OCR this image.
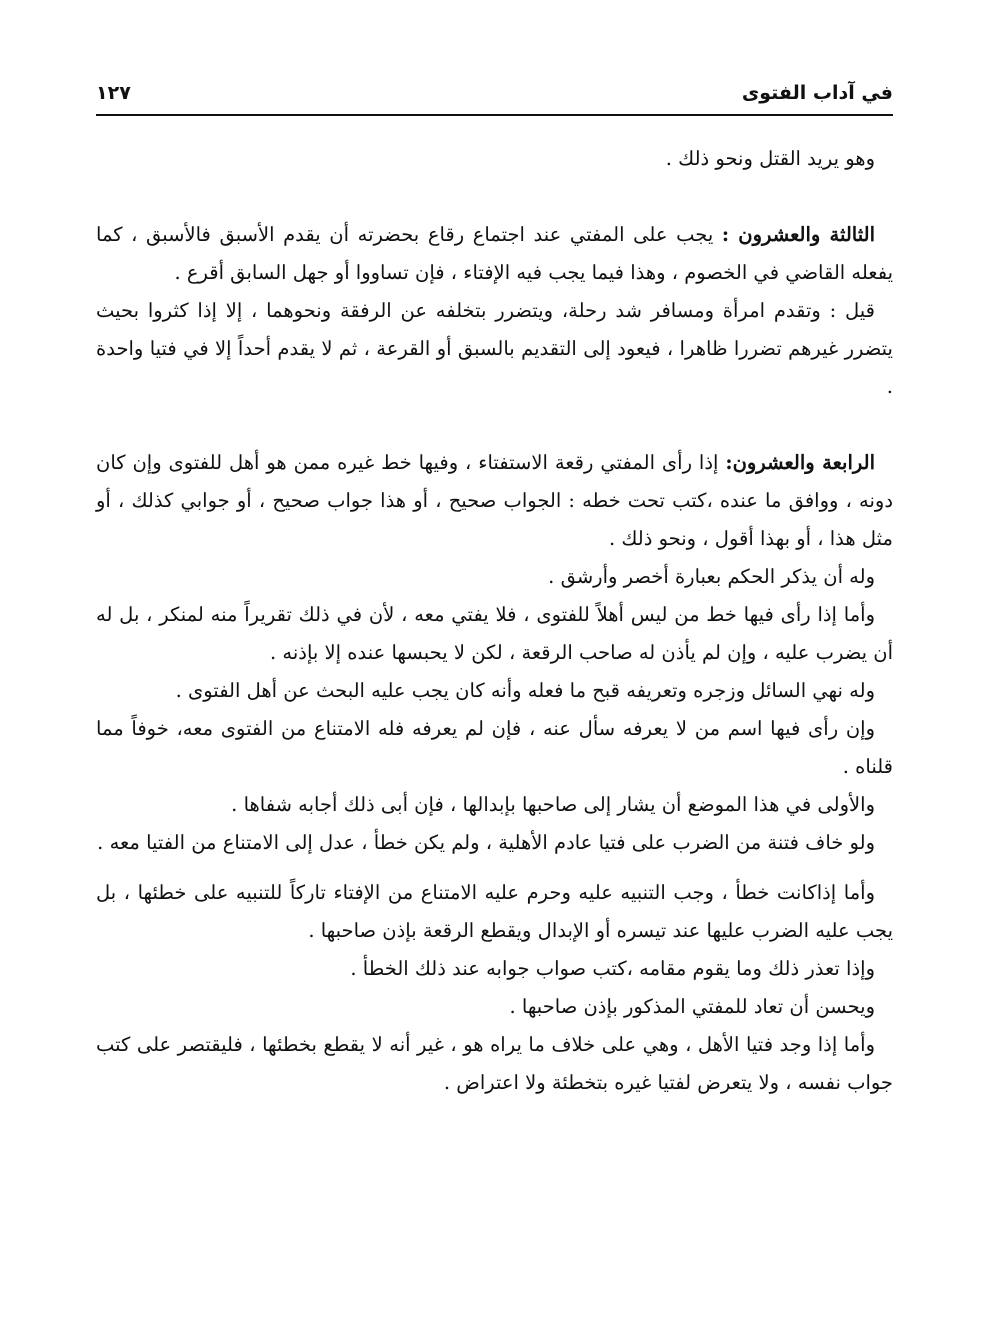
في آداب الفتوى
١٢٧

وهو يريد القتل ونحو ذلك .

الثالثة والعشرون : يجب على المفتي عند اجتماع رقاع بحضرته أن يقدم الأسبق فالأسبق ، كما يفعله القاضي في الخصوم ، وهذا فيما يجب فيه الإفتاء ، فإن تساووا أو جهل السابق أقرع .

قيل : وتقدم امرأة ومسافر شد رحلة، ويتضرر بتخلفه عن الرفقة ونحوهما ، إلا إذا كثروا بحيث يتضرر غيرهم تضررا ظاهرا ، فيعود إلى التقديم بالسبق أو القرعة ، ثم لا يقدم أحداً إلا في فتيا واحدة .

الرابعة والعشرون: إذا رأى المفتي رقعة الاستفتاء ، وفيها خط غيره ممن هو أهل للفتوى وإن كان دونه ، ووافق ما عنده ،كتب تحت خطه : الجواب صحيح ، أو هذا جواب صحيح ، أو جوابي كذلك ، أو مثل هذا ، أو بهذا أقول ، ونحو ذلك .

وله أن يذكر الحكم بعبارة أخصر وأرشق .

وأما إذا رأى فيها خط من ليس أهلاً للفتوى ، فلا يفتي معه ، لأن في ذلك تقريراً منه لمنكر ، بل له أن يضرب عليه ، وإن لم يأذن له صاحب الرقعة ، لكن لا يحبسها عنده إلا بإذنه .

وله نهي السائل وزجره وتعريفه قبح ما فعله وأنه كان يجب عليه البحث عن أهل الفتوى .

وإن رأى فيها اسم من لا يعرفه سأل عنه ، فإن لم يعرفه فله الامتناع من الفتوى معه، خوفاً مما قلناه .

والأولى في هذا الموضع أن يشار إلى صاحبها بإبدالها ، فإن أبى ذلك أجابه شفاها .

ولو خاف فتنة من الضرب على فتيا عادم الأهلية ، ولم يكن خطأ ، عدل إلى الامتناع من الفتيا معه .

وأما إذاكانت خطأ ، وجب التنبيه عليه وحرم عليه الامتناع من الإفتاء تاركاً للتنبيه على خطئها ، بل يجب عليه الضرب عليها عند تيسره أو الإبدال ويقطع الرقعة بإذن صاحبها .

وإذا تعذر ذلك وما يقوم مقامه ،كتب صواب جوابه عند ذلك الخطأ .

ويحسن أن تعاد للمفتي المذكور بإذن صاحبها .

وأما إذا وجد فتيا الأهل ، وهي على خلاف ما يراه هو ، غير أنه لا يقطع بخطئها ، فليقتصر على كتب جواب نفسه ، ولا يتعرض لفتيا غيره بتخطئة ولا اعتراض .
